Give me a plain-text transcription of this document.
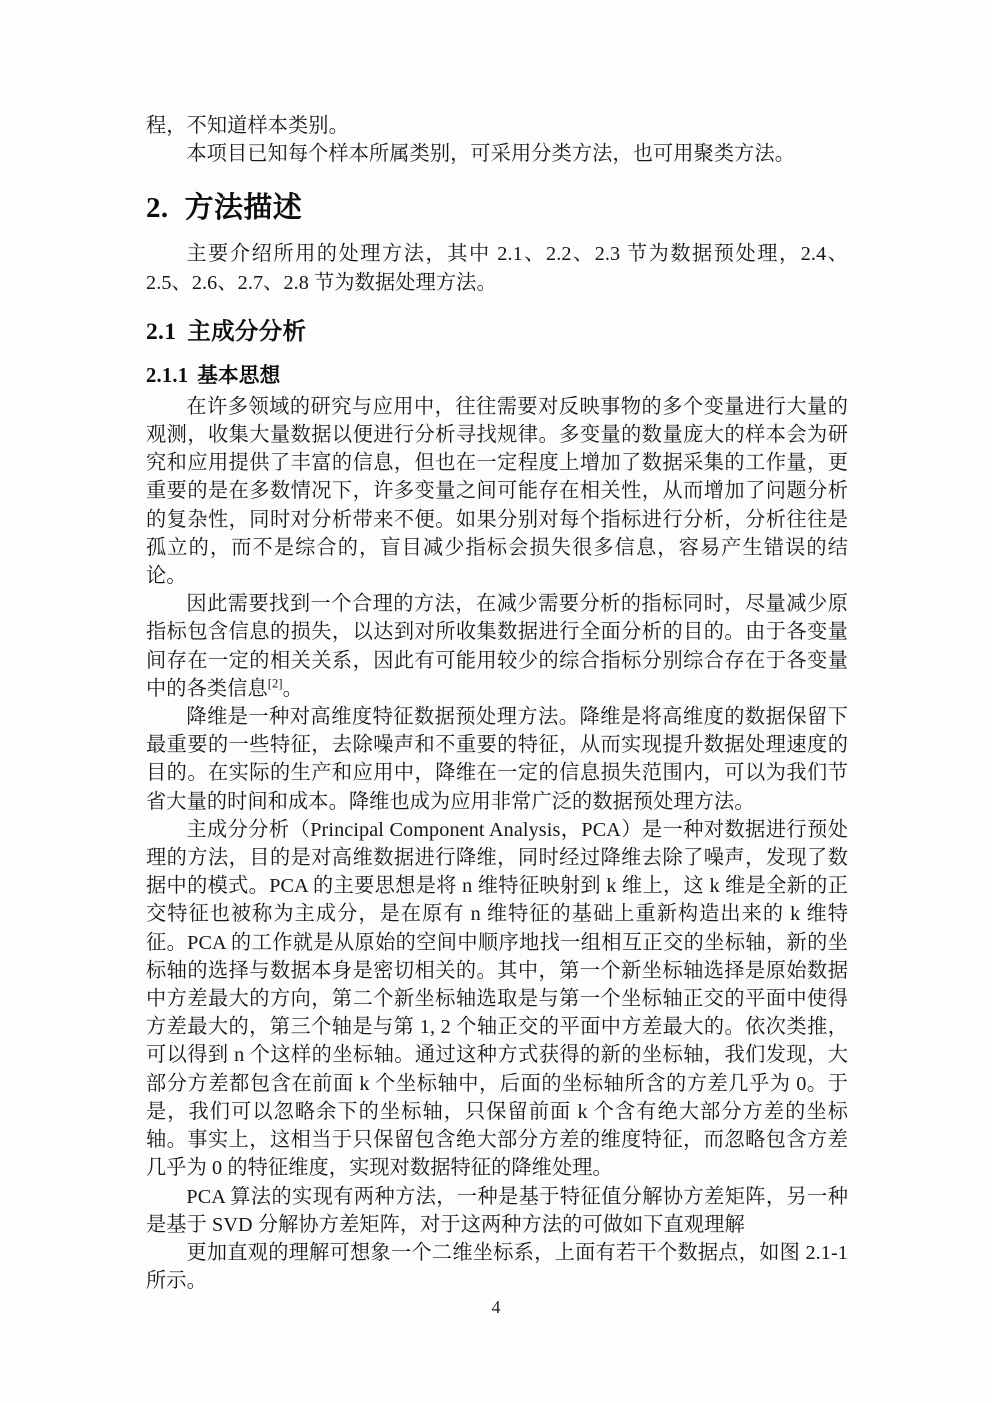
程，不知道样本类别。

本项目已知每个样本所属类别，可采用分类方法，也可用聚类方法。

2. 方法描述

主要介绍所用的处理方法，其中 2.1、2.2、2.3 节为数据预处理，2.4、2.5、2.6、2.7、2.8 节为数据处理方法。

2.1 主成分分析
2.1.1 基本思想

在许多领域的研究与应用中，往往需要对反映事物的多个变量进行大量的观测，收集大量数据以便进行分析寻找规律。多变量的数量庞大的样本会为研究和应用提供了丰富的信息，但也在一定程度上增加了数据采集的工作量，更重要的是在多数情况下，许多变量之间可能存在相关性，从而增加了问题分析的复杂性，同时对分析带来不便。如果分别对每个指标进行分析，分析往往是孤立的，而不是综合的，盲目减少指标会损失很多信息，容易产生错误的结论。

因此需要找到一个合理的方法，在减少需要分析的指标同时，尽量减少原指标包含信息的损失，以达到对所收集数据进行全面分析的目的。由于各变量间存在一定的相关关系，因此有可能用较少的综合指标分别综合存在于各变量中的各类信息[2]。

降维是一种对高维度特征数据预处理方法。降维是将高维度的数据保留下最重要的一些特征，去除噪声和不重要的特征，从而实现提升数据处理速度的目的。在实际的生产和应用中，降维在一定的信息损失范围内，可以为我们节省大量的时间和成本。降维也成为应用非常广泛的数据预处理方法。

主成分分析（Principal Component Analysis，PCA）是一种对数据进行预处理的方法，目的是对高维数据进行降维，同时经过降维去除了噪声，发现了数据中的模式。PCA 的主要思想是将 n 维特征映射到 k 维上，这 k 维是全新的正交特征也被称为主成分，是在原有 n 维特征的基础上重新构造出来的 k 维特征。PCA 的工作就是从原始的空间中顺序地找一组相互正交的坐标轴，新的坐标轴的选择与数据本身是密切相关的。其中，第一个新坐标轴选择是原始数据中方差最大的方向，第二个新坐标轴选取是与第一个坐标轴正交的平面中使得方差最大的，第三个轴是与第 1, 2 个轴正交的平面中方差最大的。依次类推，可以得到 n 个这样的坐标轴。通过这种方式获得的新的坐标轴，我们发现，大部分方差都包含在前面 k 个坐标轴中，后面的坐标轴所含的方差几乎为 0。于是，我们可以忽略余下的坐标轴，只保留前面 k 个含有绝大部分方差的坐标轴。事实上，这相当于只保留包含绝大部分方差的维度特征，而忽略包含方差几乎为 0 的特征维度，实现对数据特征的降维处理。

PCA 算法的实现有两种方法，一种是基于特征值分解协方差矩阵，另一种是基于 SVD 分解协方差矩阵，对于这两种方法的可做如下直观理解

更加直观的理解可想象一个二维坐标系，上面有若干个数据点，如图 2.1-1 所示。

4
